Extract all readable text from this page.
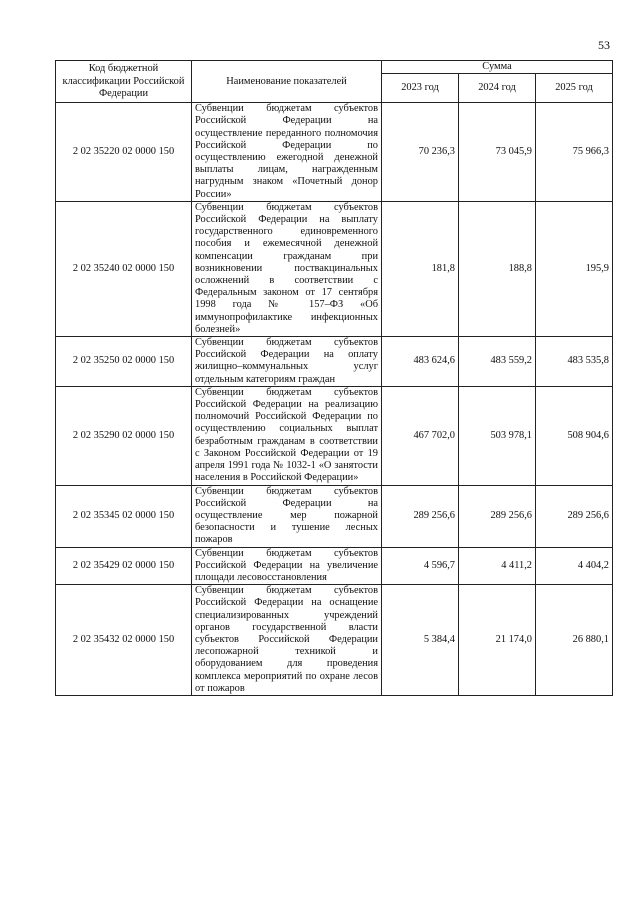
53
Код бюджетной классификации Российской Федерации	Наименование показателей	Сумма		
		2023 год	2024 год	2025 год
2 02 35220 02 0000 150	Субвенции бюджетам субъектов Российской Федерации на осуществление переданного полномочия Российской Федерации по осуществлению ежегодной денежной выплаты лицам, награжденным нагрудным знаком «Почетный донор России»	70 236,3	73 045,9	75 966,3
2 02 35240 02 0000 150	Субвенции бюджетам субъектов Российской Федерации на выплату государственного единовременного пособия и ежемесячной денежной компенсации гражданам при возникновении поствакцинальных осложнений в соответствии с Федеральным законом от 17 сентября 1998 года № 157–ФЗ «Об иммунопрофилактике инфекционных болезней»	181,8	188,8	195,9
2 02 35250 02 0000 150	Субвенции бюджетам субъектов Российской Федерации на оплату жилищно–коммунальных услуг отдельным категориям граждан	483 624,6	483 559,2	483 535,8
2 02 35290 02 0000 150	Субвенции бюджетам субъектов Российской Федерации на реализацию полномочий Российской Федерации по осуществлению социальных выплат безработным гражданам в соответствии с Законом Российской Федерации от 19 апреля 1991 года № 1032-1 «О занятости населения в Российской Федерации»	467 702,0	503 978,1	508 904,6
2 02 35345 02 0000 150	Субвенции бюджетам субъектов Российской Федерации на осуществление мер пожарной безопасности и тушение лесных пожаров	289 256,6	289 256,6	289 256,6
2 02 35429 02 0000 150	Субвенции бюджетам субъектов Российской Федерации на увеличение площади лесовосстановления	4 596,7	4 411,2	4 404,2
2 02 35432 02 0000 150	Субвенции бюджетам субъектов Российской Федерации на оснащение специализированных учреждений органов государственной власти субъектов Российской Федерации лесопожарной техникой и оборудованием для проведения комплекса мероприятий по охране лесов от пожаров	5 384,4	21 174,0	26 880,1
